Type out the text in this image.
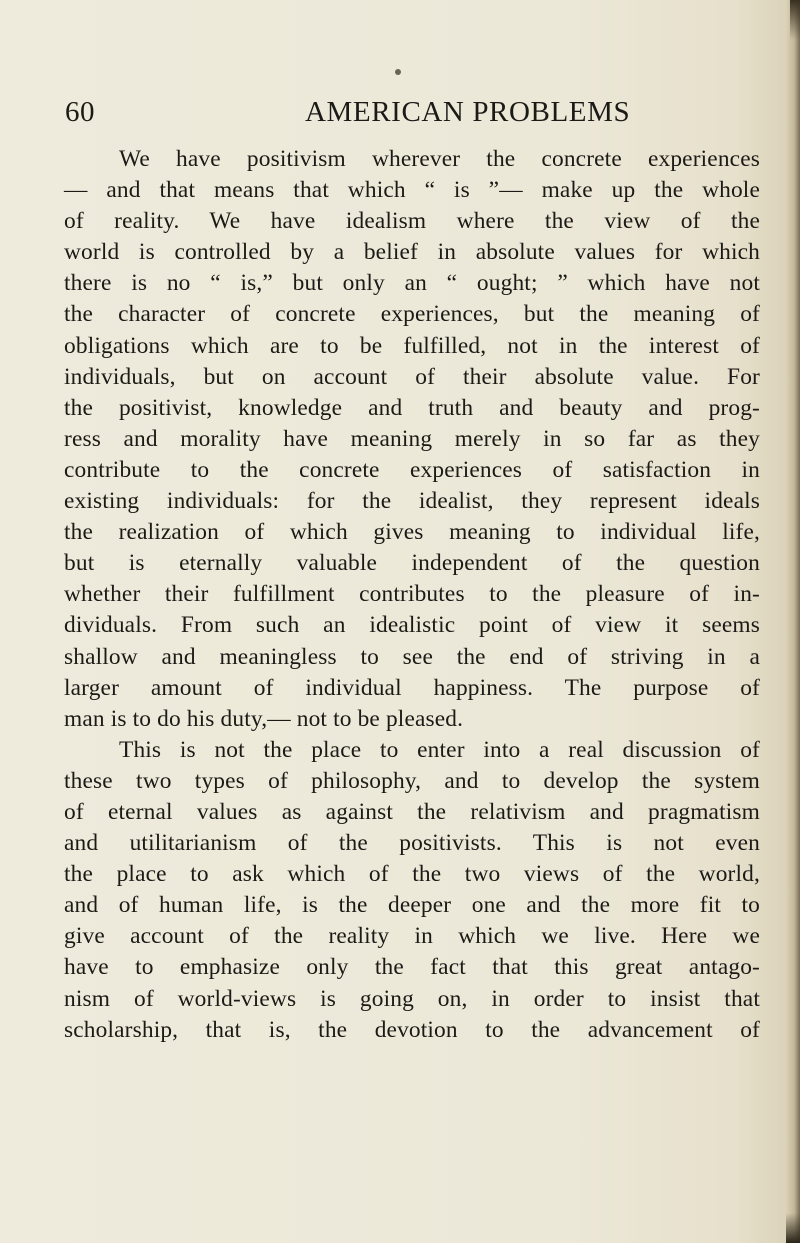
60	AMERICAN PROBLEMS
We have positivism wherever the concrete experiences
— and that means that which “ is ”— make up the whole
of reality. We have idealism where the view of the
world is controlled by a belief in absolute values for which
there is no “ is,” but only an “ ought; ” which have not
the character of concrete experiences, but the meaning of
obligations which are to be fulfilled, not in the interest of
individuals, but on account of their absolute value. For
the positivist, knowledge and truth and beauty and prog-
ress and morality have meaning merely in so far as they
contribute to the concrete experiences of satisfaction in
existing individuals: for the idealist, they represent ideals
the realization of which gives meaning to individual life,
but is eternally valuable independent of the question
whether their fulfillment contributes to the pleasure of in-
dividuals. From such an idealistic point of view it seems
shallow and meaningless to see the end of striving in a
larger amount of individual happiness. The purpose of
man is to do his duty,— not to be pleased.
This is not the place to enter into a real discussion of
these two types of philosophy, and to develop the system
of eternal values as against the relativism and pragmatism
and utilitarianism of the positivists. This is not even
the place to ask which of the two views of the world,
and of human life, is the deeper one and the more fit to
give account of the reality in which we live. Here we
have to emphasize only the fact that this great antago-
nism of world-views is going on, in order to insist that
scholarship, that is, the devotion to the advancement of
